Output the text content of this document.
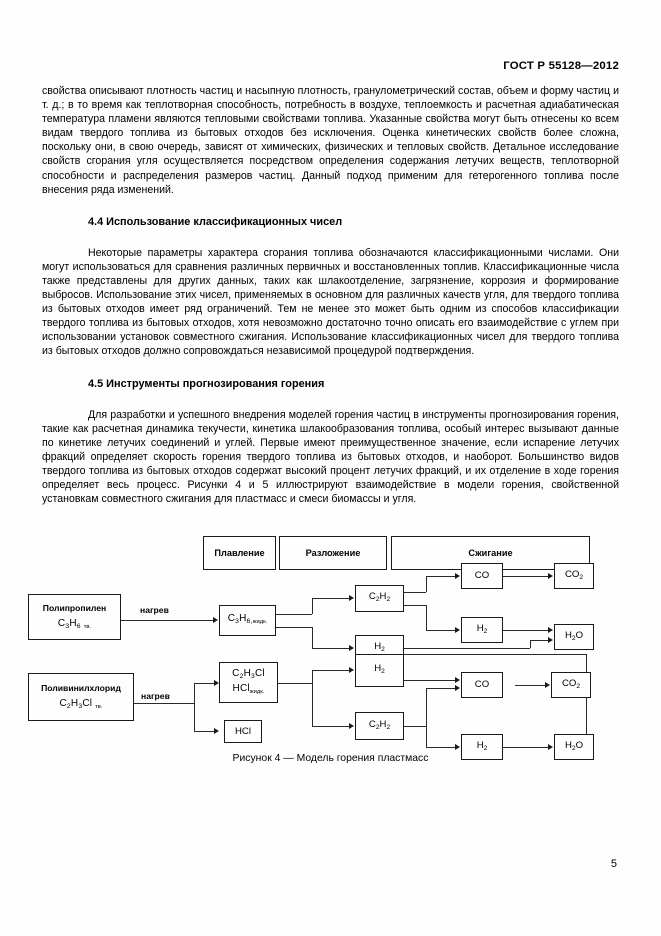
ГОСТ Р 55128—2012

свойства описывают плотность частиц и насыпную плотность, гранулометрический состав, объем и форму частиц и т. д.; в то время как теплотворная способность, потребность в воздухе, теплоемкость и расчетная адиабатическая температура пламени являются тепловыми свойствами топлива. Указанные свойства могут быть отнесены ко всем видам твердого топлива из бытовых отходов без исключения. Оценка кинетических свойств более сложна, поскольку они, в свою очередь, зависят от химических, физических и тепловых свойств. Детальное исследование свойств сгорания угля осуществляется посредством определения содержания летучих веществ, теплотворной способности и распределения размеров частиц. Данный подход применим для гетерогенного топлива после внесения ряда изменений.

4.4 Использование классификационных чисел

Некоторые параметры характера сгорания топлива обозначаются классификационными числами. Они могут использоваться для сравнения различных первичных и восстановленных топлив. Классификационные числа также представлены для других данных, таких как шлакоотделение, загрязнение, коррозия и формирование выбросов. Использование этих чисел, применяемых в основном для различных качеств угля, для твердого топлива из бытовых отходов имеет ряд ограничений. Тем не менее это может быть одним из способов классификации твердого топлива из бытовых отходов, хотя невозможно достаточно точно описать его взаимодействие с углем при использовании установок совместного сжигания. Использование классификационных чисел для твердого топлива из бытовых отходов должно сопровождаться независимой процедурой подтверждения.

4.5 Инструменты прогнозирования горения

Для разработки и успешного внедрения моделей горения частиц в инструменты прогнозирования горения, такие как расчетная динамика текучести, кинетика шлакообразования топлива, особый интерес вызывают данные по кинетике летучих соединений и углей. Первые имеют преимущественное значение, если испарение летучих фракций определяет скорость горения твердого топлива из бытовых отходов, и наоборот. Большинство видов твердого топлива из бытовых отходов содержат высокий процент летучих фракций, и их отделение в ходе горения определяет весь процесс. Рисунки 4 и 5 иллюстрируют взаимодействие в модели горения, свойственной установкам совместного сжигания для пластмасс и смеси биомассы и угля.

Плавление	Разложение	Сжигание
Полипропилен
$C_3H_6$ $_{тв.}$
нагрев
$C_3H_{6,жидк.}$
$C_2H_2$
$H_2$
CO
$H_2$
$CO_2$
$H_2O$
Поливинилхлорид
$C_2H_3Cl$ $_{тв.}$
нагрев
$C_2H_3Cl$
HCl$_{жидк.}$
HCl
$H_2$
$C_2H_2$
CO
$H_2$
$CO_2$
$H_2O$
Рисунок 4 — Модель горения пластмасс
5
